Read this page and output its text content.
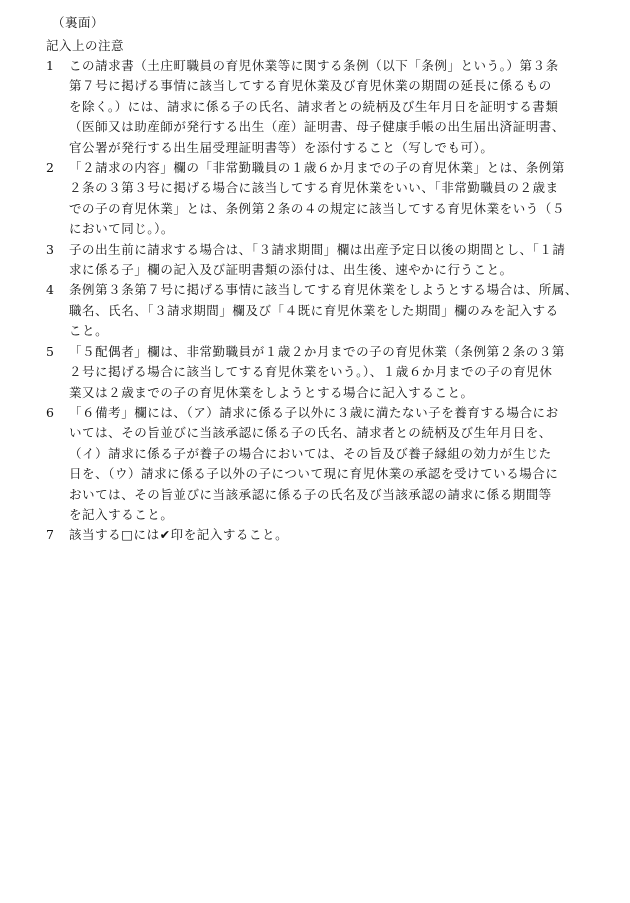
（裏面）
記入上の注意
1	この請求書（土庄町職員の育児休業等に関する条例（以下「条例」という。）第３条
第７号に掲げる事情に該当してする育児休業及び育児休業の期間の延長に係るもの
を除く。）には、請求に係る子の氏名、請求者との続柄及び生年月日を証明する書類
（医師又は助産師が発行する出生（産）証明書、母子健康手帳の出生届出済証明書、
官公署が発行する出生届受理証明書等）を添付すること（写しでも可）。
2	「２請求の内容」欄の「非常勤職員の１歳６か月までの子の育児休業」とは、条例第
２条の３第３号に掲げる場合に該当してする育児休業をいい、「非常勤職員の２歳ま
での子の育児休業」とは、条例第２条の４の規定に該当してする育児休業をいう（５
において同じ。）。
3	子の出生前に請求する場合は、「３請求期間」欄は出産予定日以後の期間とし、「１請
求に係る子」欄の記入及び証明書類の添付は、出生後、速やかに行うこと。
4	条例第３条第７号に掲げる事情に該当してする育児休業をしようとする場合は、所属、
職名、氏名、「３請求期間」欄及び「４既に育児休業をした期間」欄のみを記入する
こと。
5	「５配偶者」欄は、非常勤職員が１歳２か月までの子の育児休業（条例第２条の３第
２号に掲げる場合に該当してする育児休業をいう。）、１歳６か月までの子の育児休
業又は２歳までの子の育児休業をしようとする場合に記入すること。
6	「６備考」欄には、（ア）請求に係る子以外に３歳に満たない子を養育する場合にお
いては、その旨並びに当該承認に係る子の氏名、請求者との続柄及び生年月日を、
（イ）請求に係る子が養子の場合においては、その旨及び養子縁組の効力が生じた
日を、（ウ）請求に係る子以外の子について現に育児休業の承認を受けている場合に
おいては、その旨並びに当該承認に係る子の氏名及び当該承認の請求に係る期間等
を記入すること。
7	該当する□には✔印を記入すること。
